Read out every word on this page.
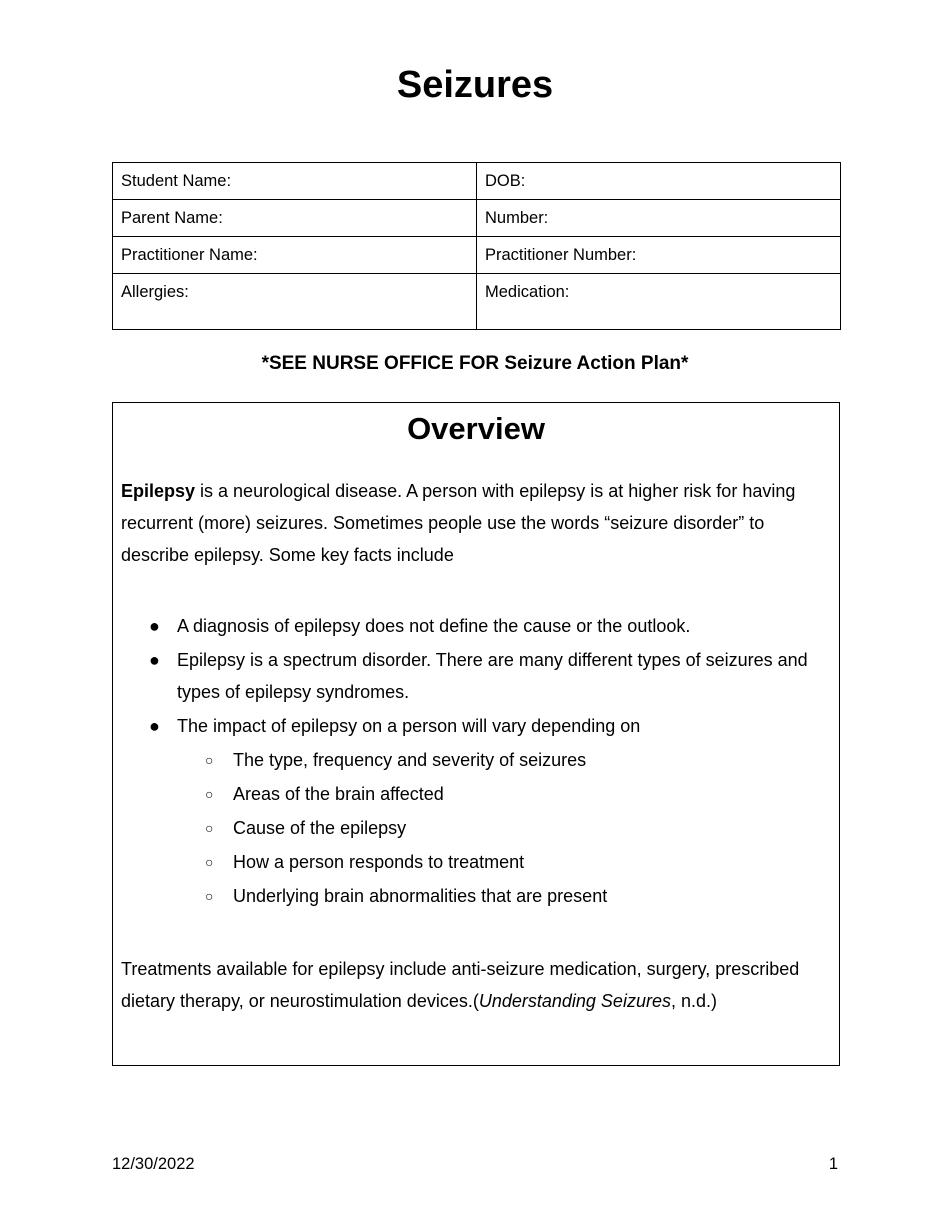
Seizures
Student Name:	DOB:
Parent Name:	Number:
Practitioner Name:	Practitioner Number:
Allergies:	Medication:
*SEE NURSE OFFICE FOR Seizure Action Plan*
Overview

Epilepsy is a neurological disease. A person with epilepsy is at higher risk for having recurrent (more) seizures. Sometimes people use the words “seizure disorder” to describe epilepsy. Some key facts include

● A diagnosis of epilepsy does not define the cause or the outlook.
● Epilepsy is a spectrum disorder. There are many different types of seizures and types of epilepsy syndromes.
● The impact of epilepsy on a person will vary depending on
○ The type, frequency and severity of seizures
○ Areas of the brain affected
○ Cause of the epilepsy
○ How a person responds to treatment
○ Underlying brain abnormalities that are present

Treatments available for epilepsy include anti-seizure medication, surgery, prescribed dietary therapy, or neurostimulation devices.(Understanding Seizures, n.d.)

12/30/2022	1
